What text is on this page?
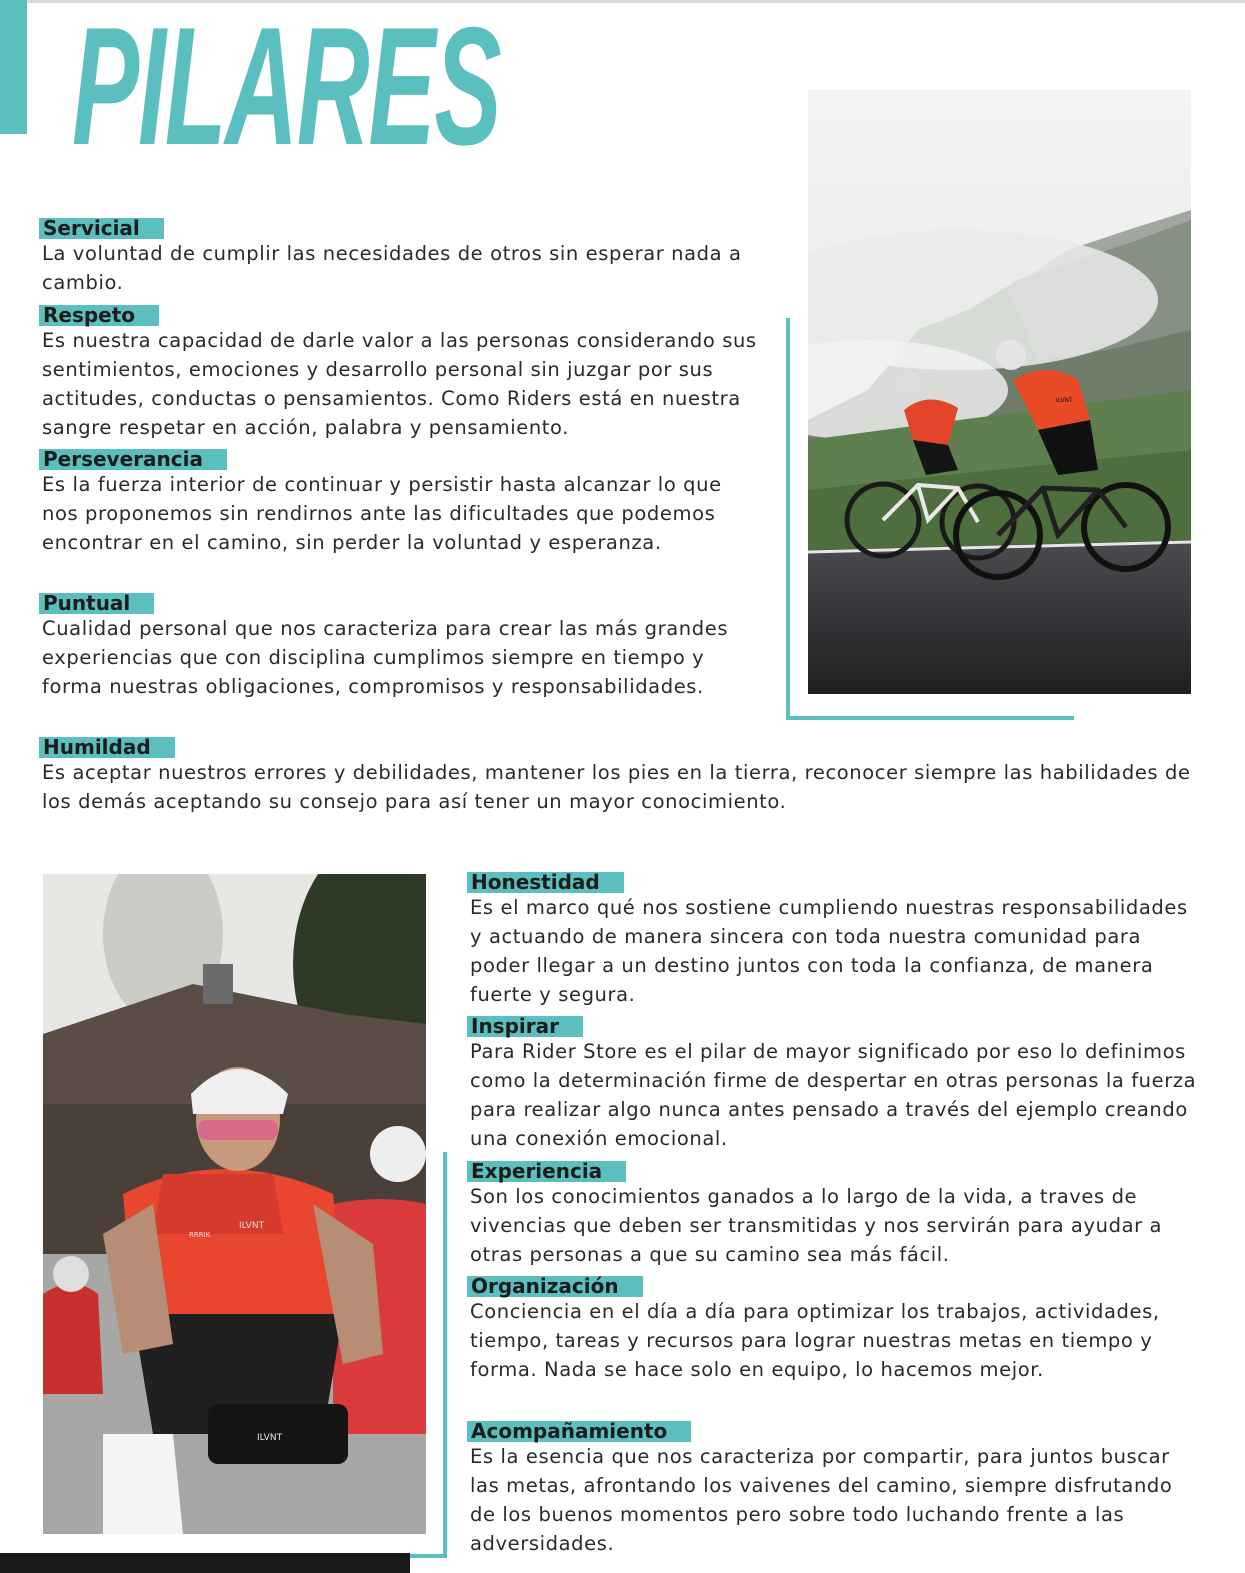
PILARES
Servicial

La voluntad de cumplir las necesidades de otros sin esperar nada a cambio.

Respeto

Es nuestra capacidad de darle valor a las personas considerando sus sentimientos, emociones y desarrollo personal sin juzgar por sus actitudes, conductas o pensamientos. Como Riders está en nuestra sangre respetar en acción, palabra y pensamiento.

Perseverancia

Es la fuerza interior de continuar y persistir hasta alcanzar lo que nos proponemos sin rendirnos ante las dificultades que podemos encontrar en el camino, sin perder la voluntad y esperanza.

Puntual

Cualidad personal que nos caracteriza para crear las más grandes experiencias que con disciplina cumplimos siempre en tiempo y forma nuestras obligaciones, compromisos y responsabilidades.

Humildad

Es aceptar nuestros errores y debilidades, mantener los pies en la tierra, reconocer siempre las habilidades de los demás aceptando su consejo para así tener un mayor conocimiento.

ILVNT
ILVNT
ILVNT
RRRIK
Honestidad

Es el marco qué nos sostiene cumpliendo nuestras responsabilidades y actuando de manera sincera con toda nuestra comunidad para poder llegar a un destino juntos con toda la confianza, de manera fuerte y segura.

Inspirar

Para Rider Store es el pilar de mayor significado por eso lo definimos como la determinación firme de despertar en otras personas la fuerza para realizar algo nunca antes pensado a través del ejemplo creando una conexión emocional.

Experiencia

Son los conocimientos ganados a lo largo de la vida, a traves de vivencias que deben ser transmitidas y nos servirán para ayudar a otras personas a que su camino sea más fácil.

Organización

Conciencia en el día a día para optimizar los trabajos, actividades, tiempo, tareas y recursos para lograr nuestras metas en tiempo y forma. Nada se hace solo en equipo, lo hacemos mejor.

Acompañamiento

Es la esencia que nos caracteriza por compartir, para juntos buscar las metas, afrontando los vaivenes del camino, siempre disfrutando de los buenos momentos pero sobre todo luchando frente a las adversidades.
